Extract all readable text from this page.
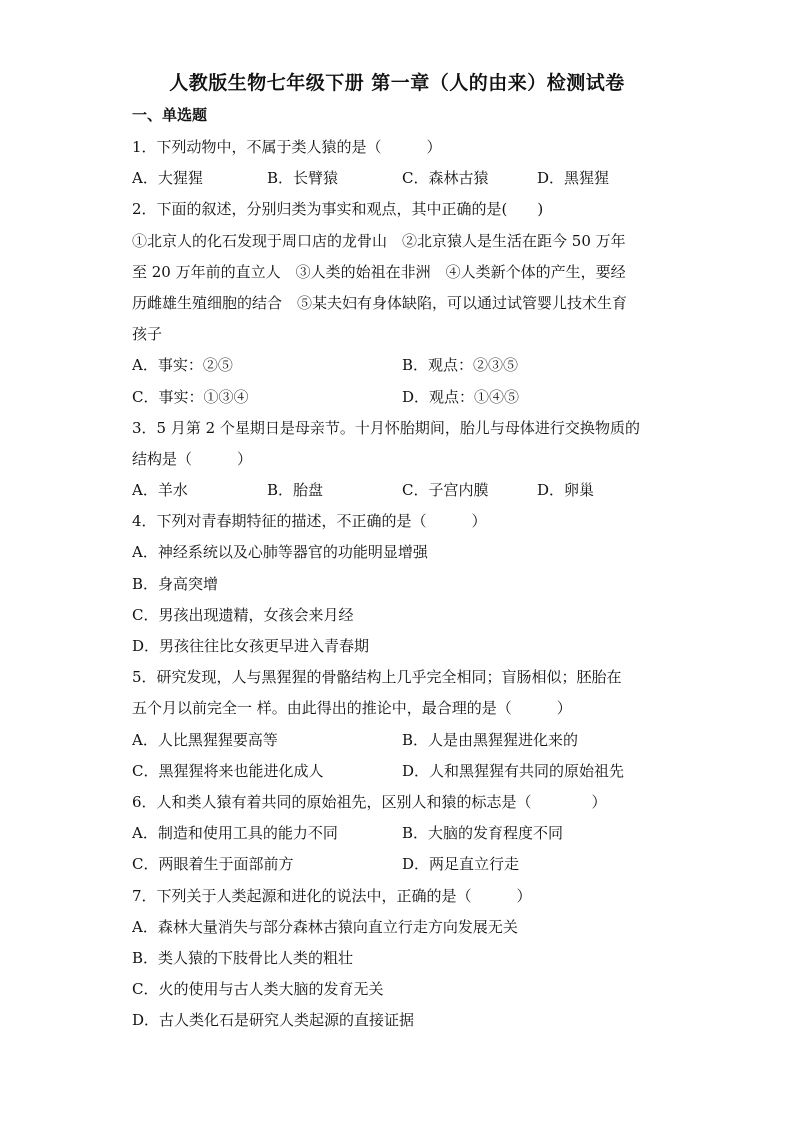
人教版生物七年级下册 第一章（人的由来）检测试卷
一、单选题
1．下列动物中，不属于类人猿的是（　　　）
A．大猩猩	B．长臂猿	C．森林古猿	D．黑猩猩
2．下面的叙述，分别归类为事实和观点，其中正确的是(　　)
①北京人的化石发现于周口店的龙骨山　②北京猿人是生活在距今 50 万年
至 20 万年前的直立人　③人类的始祖在非洲　④人类新个体的产生，要经
历雌雄生殖细胞的结合　⑤某夫妇有身体缺陷，可以通过试管婴儿技术生育
孩子
A．事实：②⑤	B．观点：②③⑤
C．事实：①③④	D．观点：①④⑤
3．5 月第 2 个星期日是母亲节。十月怀胎期间，胎儿与母体进行交换物质的
结构是（　　　）
A．羊水	B．胎盘	C．子宫内膜	D．卵巢
4．下列对青春期特征的描述，不正确的是（　　　）
A．神经系统以及心肺等器官的功能明显增强
B．身高突增
C．男孩出现遗精，女孩会来月经
D．男孩往往比女孩更早进入青春期
5．研究发现，人与黑猩猩的骨骼结构上几乎完全相同；盲肠相似；胚胎在
五个月以前完全一 样。由此得出的推论中，最合理的是（　　　）
A．人比黑猩猩要高等	B．人是由黑猩猩进化来的
C．黑猩猩将来也能进化成人	D．人和黑猩猩有共同的原始祖先
6．人和类人猿有着共同的原始祖先，区别人和猿的标志是（　　　　）
A．制造和使用工具的能力不同	B．大脑的发育程度不同
C．两眼着生于面部前方	D．两足直立行走
7．下列关于人类起源和进化的说法中，正确的是（　　　）
A．森林大量消失与部分森林古猿向直立行走方向发展无关
B．类人猿的下肢骨比人类的粗壮
C．火的使用与古人类大脑的发育无关
D．古人类化石是研究人类起源的直接证据
